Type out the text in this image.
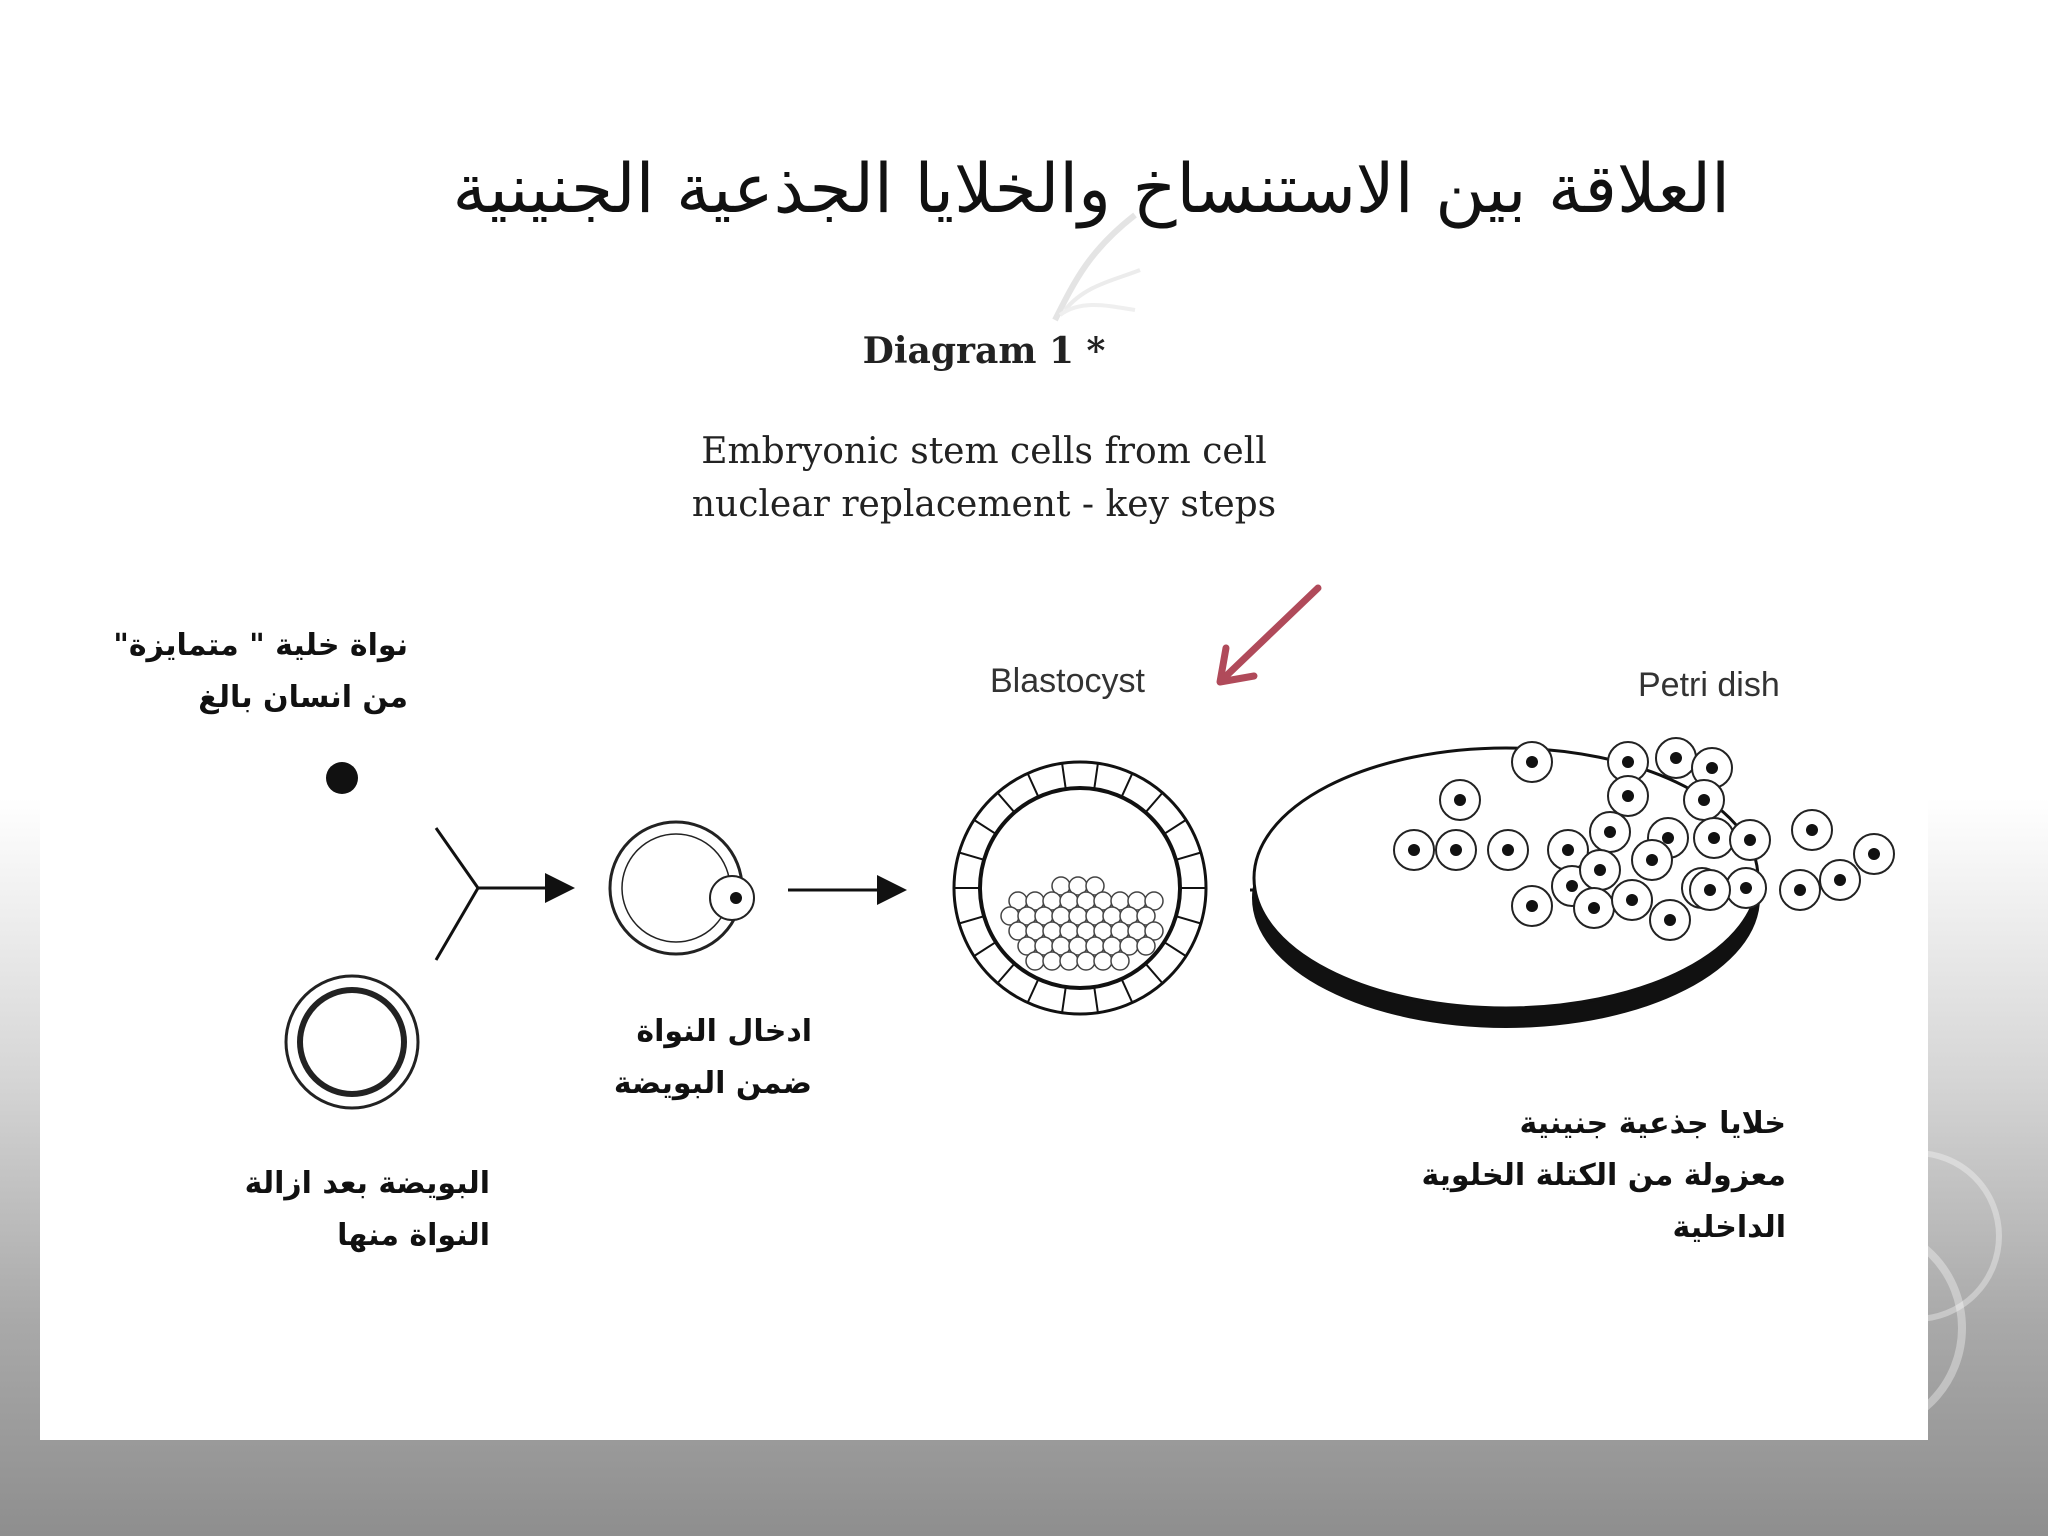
العلاقة بين الاستنساخ والخلايا الجذعية الجنينية
Diagram 1 *
Embryonic stem cells from cell
nuclear replacement - key steps
نواة خلية " متمايزة"
من انسان بالغ
البويضة بعد ازالة
النواة منها
ادخال النواة
ضمن البويضة
Blastocyst	Petri dish
خلايا جذعية جنينية
معزولة من الكتلة الخلوية
الداخلية
